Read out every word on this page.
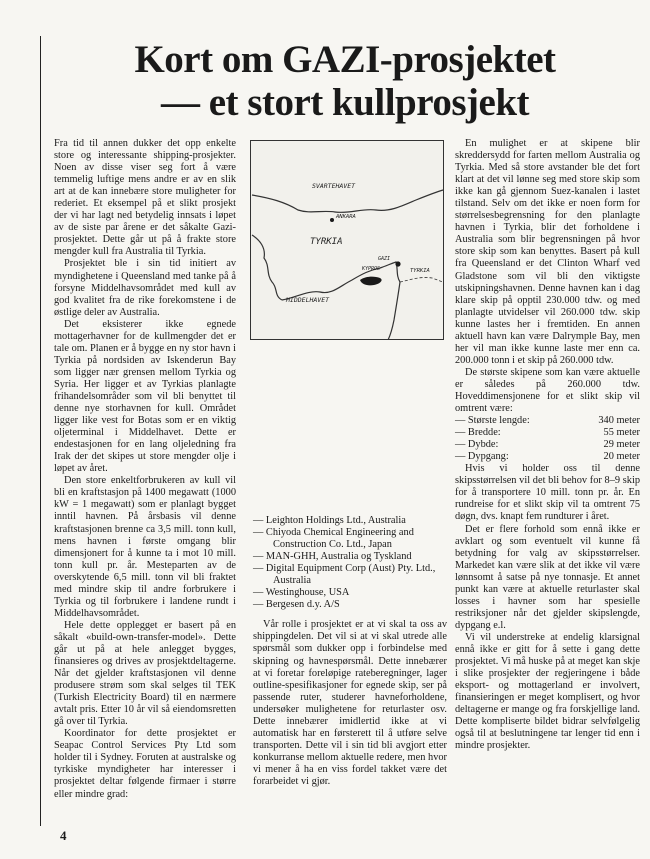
Kort om GAZI-prosjektet
— et stort kullprosjekt

Fra tid til annen dukker det opp enkelte store og interessante shipping-prosjekter. Noen av disse viser seg fort å være temmelig luftige mens andre er av en slik art at de kan innebære store muligheter for rederiet. Et eksempel på et slikt prosjekt der vi har lagt ned betydelig innsats i løpet av de siste par årene er det såkalte Gazi-prosjektet. Dette går ut på å frakte store mengder kull fra Australia til Tyrkia.

Prosjektet ble i sin tid initiert av myndighetene i Queensland med tanke på å forsyne Middelhavsområdet med kull av god kvalitet fra de rike forekomstene i de østlige deler av Australia.

Det eksisterer ikke egnede mottagerhavner for de kullmengder det er tale om. Planen er å bygge en ny stor havn i Tyrkia på nordsiden av Iskenderun Bay som ligger nær grensen mellom Tyrkia og Syria. Her ligger et av Tyrkias planlagte frihandelsområder som vil bli benyttet til denne nye storhavnen for kull. Området ligger like vest for Botas som er en viktig oljeterminal i Middelhavet. Dette er endestasjonen for en lang oljeledning fra Irak der det skipes ut store mengder olje i løpet av året.

Den store enkeltforbrukeren av kull vil bli en kraftstasjon på 1400 megawatt (1000 kW = 1 megawatt) som er planlagt bygget inntil havnen. På årsbasis vil denne kraftstasjonen brenne ca 3,5 mill. tonn kull, mens havnen i første omgang blir dimensjonert for å kunne ta i mot 10 mill. tonn kull pr. år. Mesteparten av de overskytende 6,5 mill. tonn vil bli fraktet med mindre skip til andre forbrukere i Tyrkia og til forbrukere i landene rundt i Middelhavsområdet.

Hele dette opplegget er basert på en såkalt «build-own-transfer-model». Dette går ut på at hele anlegget bygges, finansieres og drives av prosjektdeltagerne. Når det gjelder kraftstasjonen vil denne produsere strøm som skal selges til TEK (Turkish Electricity Board) til en nærmere avtalt pris. Etter 10 år vil så eiendomsretten gå over til Tyrkia.

Koordinator for dette prosjektet er Seapac Control Services Pty Ltd som holder til i Sydney. Foruten at australske og tyrkiske myndigheter har interesser i prosjektet deltar følgende firmaer i større eller mindre grad:

SVARTEHAVET
ANKARA
TYRKIA
GAZI
KYPROS	TYRKIA
MIDDELHAVET
— Leighton Holdings Ltd., Australia
— Chiyoda Chemical Engineering and Construction Co. Ltd., Japan
— MAN-GHH, Australia og Tyskland
— Digital Equipment Corp (Aust) Pty. Ltd., Australia
— Westinghouse, USA
— Bergesen d.y. A/S

Vår rolle i prosjektet er at vi skal ta oss av shippingdelen. Det vil si at vi skal utrede alle spørsmål som dukker opp i forbindelse med skipning og havnespørsmål. Dette innebærer at vi foretar foreløpige rateberegninger, lager outline-spesifikasjoner for egnede skip, ser på passende ruter, studerer havneforholdene, undersøker mulighetene for returlaster osv. Dette innebærer imidlertid ikke at vi automatisk har en førsterett til å utføre selve transporten. Dette vil i sin tid bli avgjort etter konkurranse mellom aktuelle redere, men hvor vi mener å ha en viss fordel takket være det forarbeidet vi gjør.

En mulighet er at skipene blir skreddersydd for farten mellom Australia og Tyrkia. Med så store avstander ble det fort klart at det vil lønne seg med store skip som ikke kan gå gjennom Suez-kanalen i lastet tilstand. Selv om det ikke er noen form for størrelsesbegrensning for den planlagte havnen i Tyrkia, blir det forholdene i Australia som blir begrensningen på hvor store skip som kan benyttes. Basert på kull fra Queensland er det Clinton Wharf ved Gladstone som vil bli den viktigste utskipningshavnen. Denne havnen kan i dag klare skip på opptil 230.000 tdw. og med planlagte utvidelser vil 260.000 tdw. skip kunne lastes her i fremtiden. En annen aktuell havn kan være Dalrymple Bay, men her vil man ikke kunne laste mer enn ca. 200.000 tonn i et skip på 260.000 tdw.

De største skipene som kan være aktuelle er således på 260.000 tdw. Hoveddimensjonene for et slikt skip vil omtrent være:

— Største lengde:	340 meter
— Bredde:	55 meter
— Dybde:	29 meter
— Dypgang:	20 meter

Hvis vi holder oss til denne skipsstørrelsen vil det bli behov for 8–9 skip for å transportere 10 mill. tonn pr. år. En rundreise for et slikt skip vil ta omtrent 75 døgn, dvs. knapt fem rundturer i året.

Det er flere forhold som ennå ikke er avklart og som eventuelt vil kunne få betydning for valg av skipsstørrelser. Markedet kan være slik at det ikke vil være lønnsomt å satse på nye tonnasje. Et annet punkt kan være at aktuelle returlaster skal losses i havner som har spesielle restriksjoner når det gjelder skipslengde, dypgang e.l.

Vi vil understreke at endelig klarsignal ennå ikke er gitt for å sette i gang dette prosjektet. Vi må huske på at meget kan skje i slike prosjekter der regjeringene i både eksport- og mottagerland er involvert, finansieringen er meget komplisert, og hvor deltagerne er mange og fra forskjellige land. Dette kompliserte bildet bidrar selvfølgelig også til at beslutningene tar lenger tid enn i mindre prosjekter.

4
